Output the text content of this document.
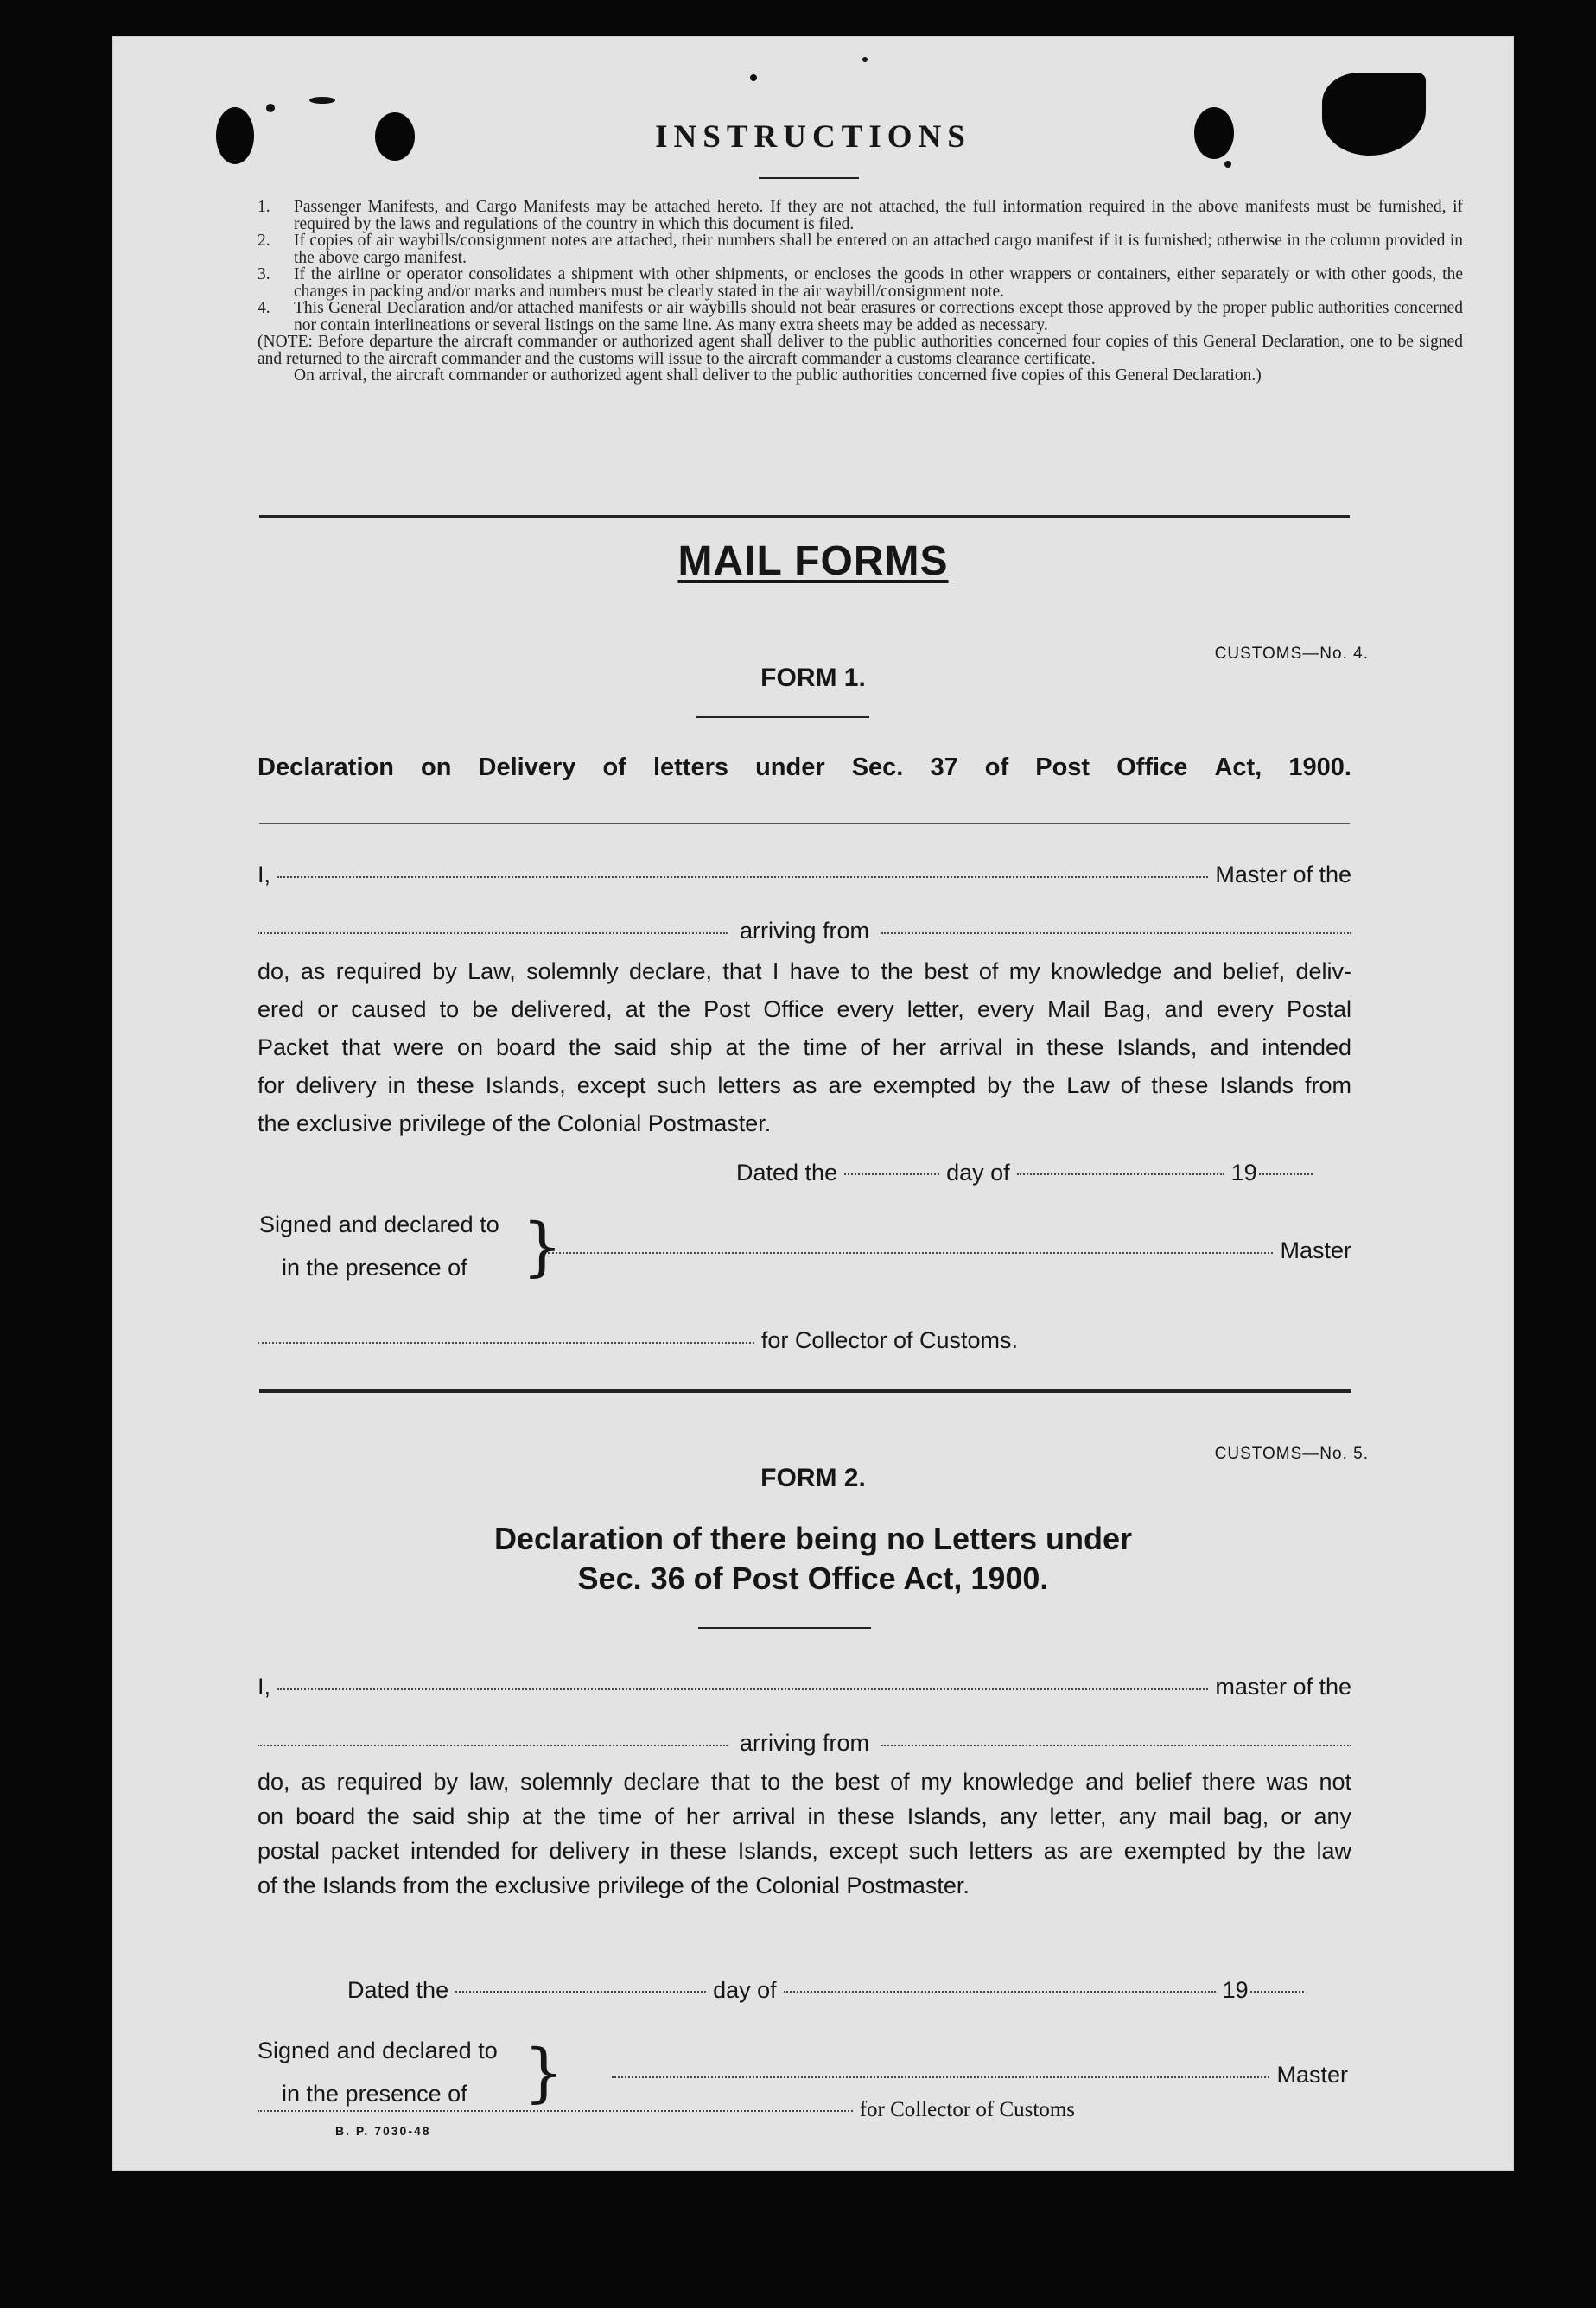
INSTRUCTIONS
1.	Passenger Manifests, and Cargo Manifests may be attached hereto. If they are not attached, the full information required in the above manifests must be furnished, if required by the laws and regulations of the country in which this document is filed.
2.	If copies of air waybills/consignment notes are attached, their numbers shall be entered on an attached cargo manifest if it is furnished; otherwise in the column provided in the above cargo manifest.
3.	If the airline or operator consolidates a shipment with other shipments, or encloses the goods in other wrappers or containers, either separately or with other goods, the changes in packing and/or marks and numbers must be clearly stated in the air waybill/consignment note.
4.	This General Declaration and/or attached manifests or air waybills should not bear erasures or corrections except those approved by the proper public authorities concerned nor contain interlineations or several listings on the same line. As many extra sheets may be added as necessary.
(NOTE: Before departure the aircraft commander or authorized agent shall deliver to the public authorities concerned four copies of this General Declaration, one to be signed and returned to the aircraft commander and the customs will issue to the aircraft commander a customs clearance certificate.
On arrival, the aircraft commander or authorized agent shall deliver to the public authorities concerned five copies of this General Declaration.)
MAIL FORMS
CUSTOMS—No. 4.
FORM 1.
Declaration on Delivery of letters under Sec. 37 of Post Office Act, 1900.
I,	Master of the
arriving from
do, as required by Law, solemnly declare, that I have to the best of my knowledge and belief, deliv-
ered or caused to be delivered, at the Post Office every letter, every Mail Bag, and every Postal
Packet that were on board the said ship at the time of her arrival in these Islands, and intended
for delivery in these Islands, except such letters as are exempted by the Law of these Islands from
the exclusive privilege of the Colonial Postmaster.
Dated the	day of	19
Signed and declared to
in the presence of }	Master
for Collector of Customs.
CUSTOMS—No. 5.
FORM 2.
Declaration of there being no Letters under
Sec. 36 of Post Office Act, 1900.
I,	master of the
arriving from
do, as required by law, solemnly declare that to the best of my knowledge and belief there was not
on board the said ship at the time of her arrival in these Islands, any letter, any mail bag, or any
postal packet intended for delivery in these Islands, except such letters as are exempted by the law
of the Islands from the exclusive privilege of the Colonial Postmaster.
Dated the	day of	19
Signed and declared to
in the presence of }	Master
for Collector of Customs
B. P. 7030-48
